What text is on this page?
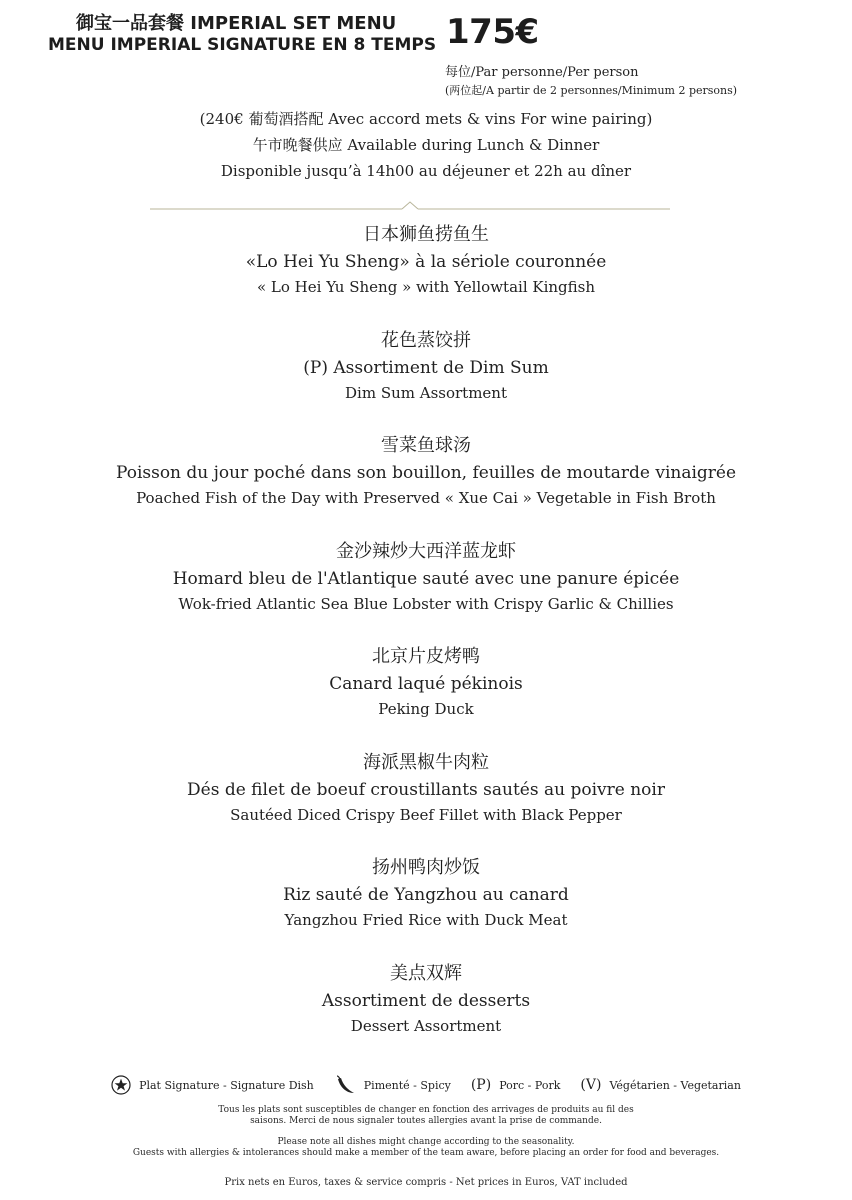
御宝一品套餐 IMPERIAL SET MENU
MENU IMPERIAL SIGNATURE EN 8 TEMPS 175€
每位/Par personne/Per person
(两位起/A partir de 2 personnes/Minimum 2 persons)
(240€ 葡萄酒搭配 Avec accord mets & vins For wine pairing)
午市晚餐供应 Available during Lunch & Dinner
Disponible jusqu’à 14h00 au déjeuner et 22h au dîner
日本狮鱼捞鱼生
«Lo Hei Yu Sheng» à la sériole couronnée
« Lo Hei Yu Sheng » with Yellowtail Kingfish
花色蒸饺拼
(P) Assortiment de Dim Sum
Dim Sum Assortment
雪菜鱼球汤
Poisson du jour poché dans son bouillon, feuilles de moutarde vinaigrée
Poached Fish of the Day with Preserved « Xue Cai » Vegetable in Fish Broth
金沙辣炒大西洋蓝龙虾
Homard bleu de l'Atlantique sauté avec une panure épicée
Wok-fried Atlantic Sea Blue Lobster with Crispy Garlic & Chillies
北京片皮烤鸭
Canard laqué pékinois
Peking Duck
海派黑椒牛肉粒
Dés de filet de boeuf croustillants sautés au poivre noir
Sautéed Diced Crispy Beef Fillet with Black Pepper
扬州鸭肉炒饭
Riz sauté de Yangzhou au canard
Yangzhou Fried Rice with Duck Meat
美点双辉
Assortiment de desserts
Dessert Assortment
Plat Signature - Signature Dish	Pimenté - Spicy (P) Porc - Pork (V) Végétarien - Vegetarian
Tous les plats sont susceptibles de changer en fonction des arrivages de produits au fil des
saisons. Merci de nous signaler toutes allergies avant la prise de commande.
Please note all dishes might change according to the seasonality.
Guests with allergies & intolerances should make a member of the team aware, before placing an order for food and beverages.
Prix nets en Euros, taxes & service compris - Net prices in Euros, VAT included
